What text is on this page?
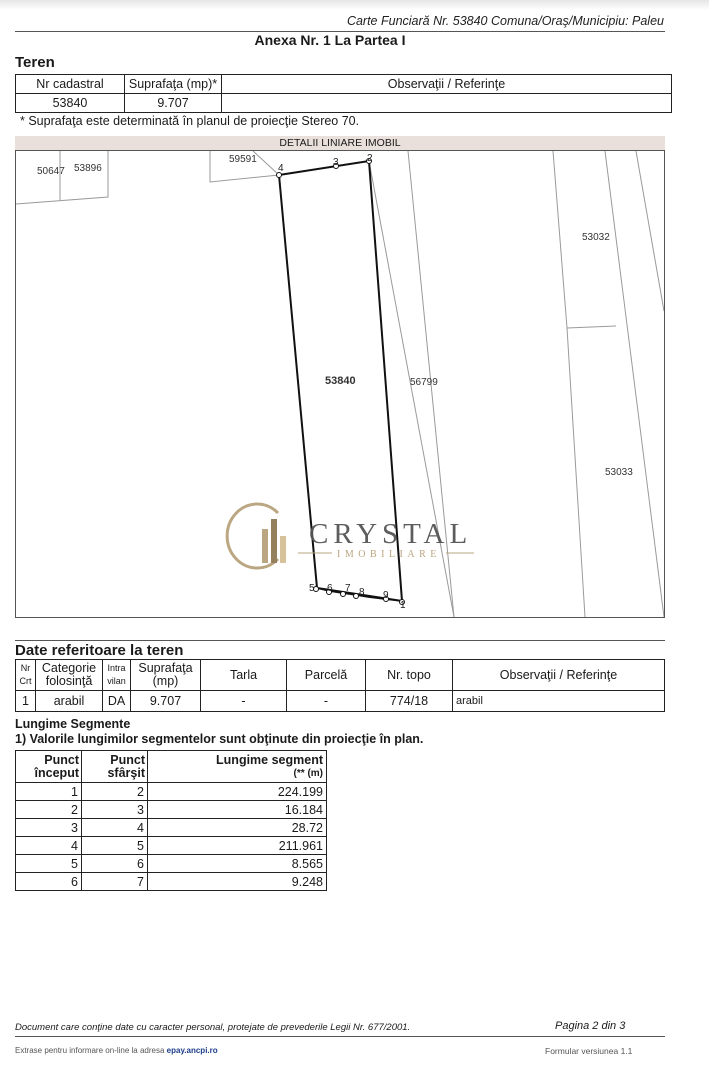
Carte Funciară Nr. 53840 Comuna/Oraş/Municipiu: Paleu
Anexa Nr. 1 La Partea I
Teren
Nr cadastral	Suprafaţa (mp)*	Observaţii / Referinţe
53840	9.707	
* Suprafaţa este determinată în planul de proiecţie Stereo 70.
DETALII LINIARE IMOBIL
1
2
3
4
5 6 7 8 9
53840
50647 53896
59591
53032
56799
53033
CRYSTAL
IMOBILIARE
Date referitoare la teren
Nr Crt	Categorie folosinţă	Intra vilan	Suprafaţa (mp)	Tarla	Parcelă	Nr. topo	Observaţii / Referinţe
1	arabil	DA	9.707	-	-	774/18	arabil
Lungime Segmente
1) Valorile lungimilor segmentelor sunt obţinute din proiecţie în plan.
Punct început	Punct sfârşit	Lungime segment
(** (m)

1	2	224.199
2	3	16.184
3	4	28.72
4	5	211.961
5	6	8.565
6	7	9.248
Document care conţine date cu caracter personal, protejate de prevederile Legii Nr. 677/2001.	Pagina 2 din 3
Extrase pentru informare on-line la adresa epay.ancpi.ro	Formular versiunea 1.1
